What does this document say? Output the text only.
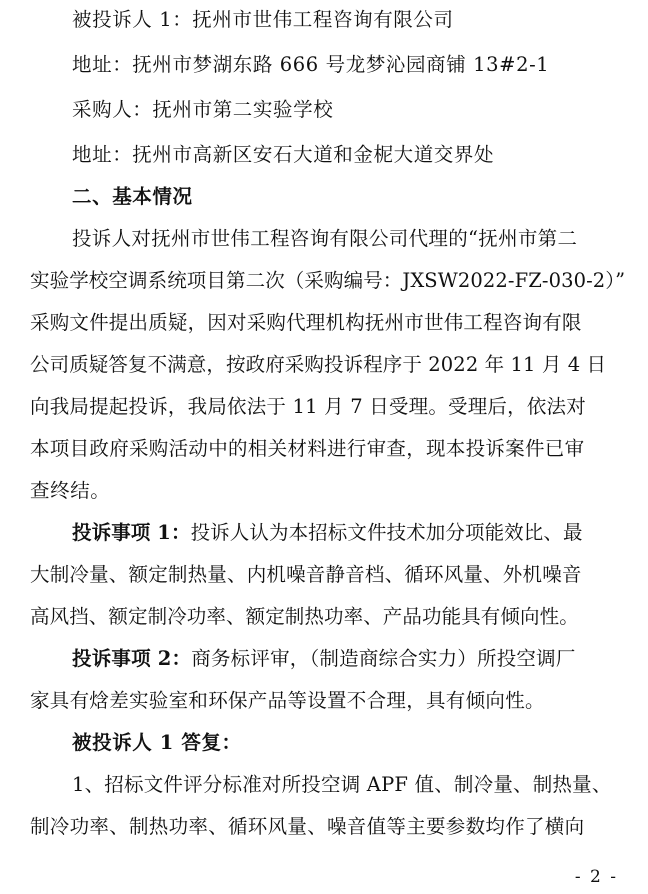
被投诉人 1：抚州市世伟工程咨询有限公司
地址：抚州市梦湖东路 666 号龙梦沁园商铺 13#2-1
采购人：抚州市第二实验学校
地址：抚州市高新区安石大道和金柅大道交界处
二、基本情况
投诉人对抚州市世伟工程咨询有限公司代理的“抚州市第二
实验学校空调系统项目第二次（采购编号：JXSW2022-FZ-030-2）”
采购文件提出质疑，因对采购代理机构抚州市世伟工程咨询有限
公司质疑答复不满意，按政府采购投诉程序于 2022 年 11 月 4 日
向我局提起投诉，我局依法于 11 月 7 日受理。受理后，依法对
本项目政府采购活动中的相关材料进行审查，现本投诉案件已审
查终结。
投诉事项 1：投诉人认为本招标文件技术加分项能效比、最
大制冷量、额定制热量、内机噪音静音档、循环风量、外机噪音
高风挡、额定制冷功率、额定制热功率、产品功能具有倾向性。
投诉事项 2：商务标评审，（制造商综合实力）所投空调厂
家具有焓差实验室和环保产品等设置不合理，具有倾向性。
被投诉人 1 答复：
1、招标文件评分标准对所投空调 APF 值、制冷量、制热量、
制冷功率、制热功率、循环风量、噪音值等主要参数均作了横向
- 2 -
